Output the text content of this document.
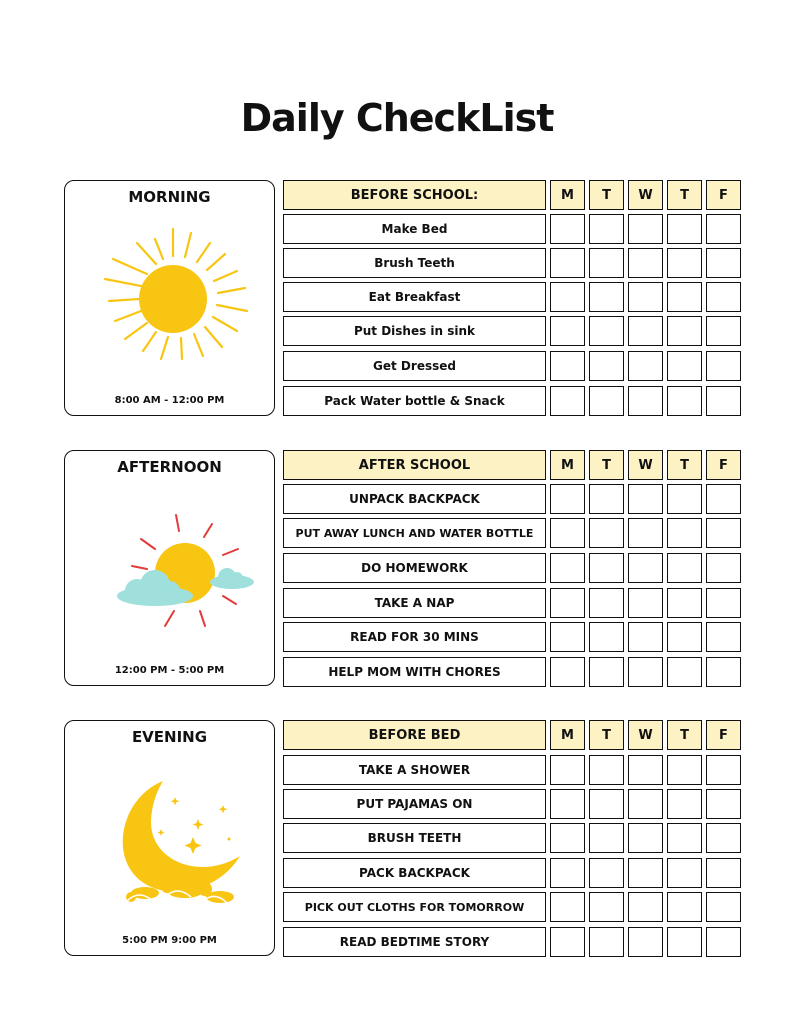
Daily CheckList
MORNING
8:00 AM - 12:00 PM
BEFORE SCHOOL:	M	T	W	T	F
Make Bed
Brush Teeth
Eat Breakfast
Put Dishes in sink
Get Dressed
Pack Water bottle & Snack
AFTERNOON
12:00 PM - 5:00 PM
AFTER SCHOOL	M	T	W	T	F
UNPACK BACKPACK
PUT AWAY LUNCH AND WATER BOTTLE
DO HOMEWORK
TAKE A NAP
READ FOR 30 MINS
HELP MOM WITH CHORES
EVENING
5:00 PM 9:00 PM
BEFORE BED	M	T	W	T	F
TAKE A SHOWER
PUT PAJAMAS ON
BRUSH TEETH
PACK BACKPACK
PICK OUT CLOTHS FOR TOMORROW
READ BEDTIME STORY
